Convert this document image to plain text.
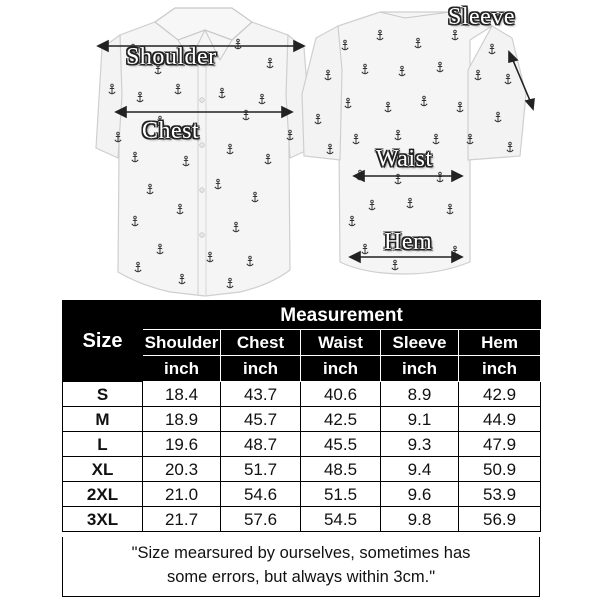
Shoulder
Chest
Waist
Sleeve
Hem
Size	Measurement				
	Shoulder	Chest	Waist	Sleeve	Hem
	inch	inch	inch	inch	inch
S	18.4	43.7	40.6	8.9	42.9
M	18.9	45.7	42.5	9.1	44.9
L	19.6	48.7	45.5	9.3	47.9
XL	20.3	51.7	48.5	9.4	50.9
2XL	21.0	54.6	51.5	9.6	53.9
3XL	21.7	57.6	54.5	9.8	56.9
"Size mearsured by ourselves, sometimes has
some errors, but always within 3cm."
